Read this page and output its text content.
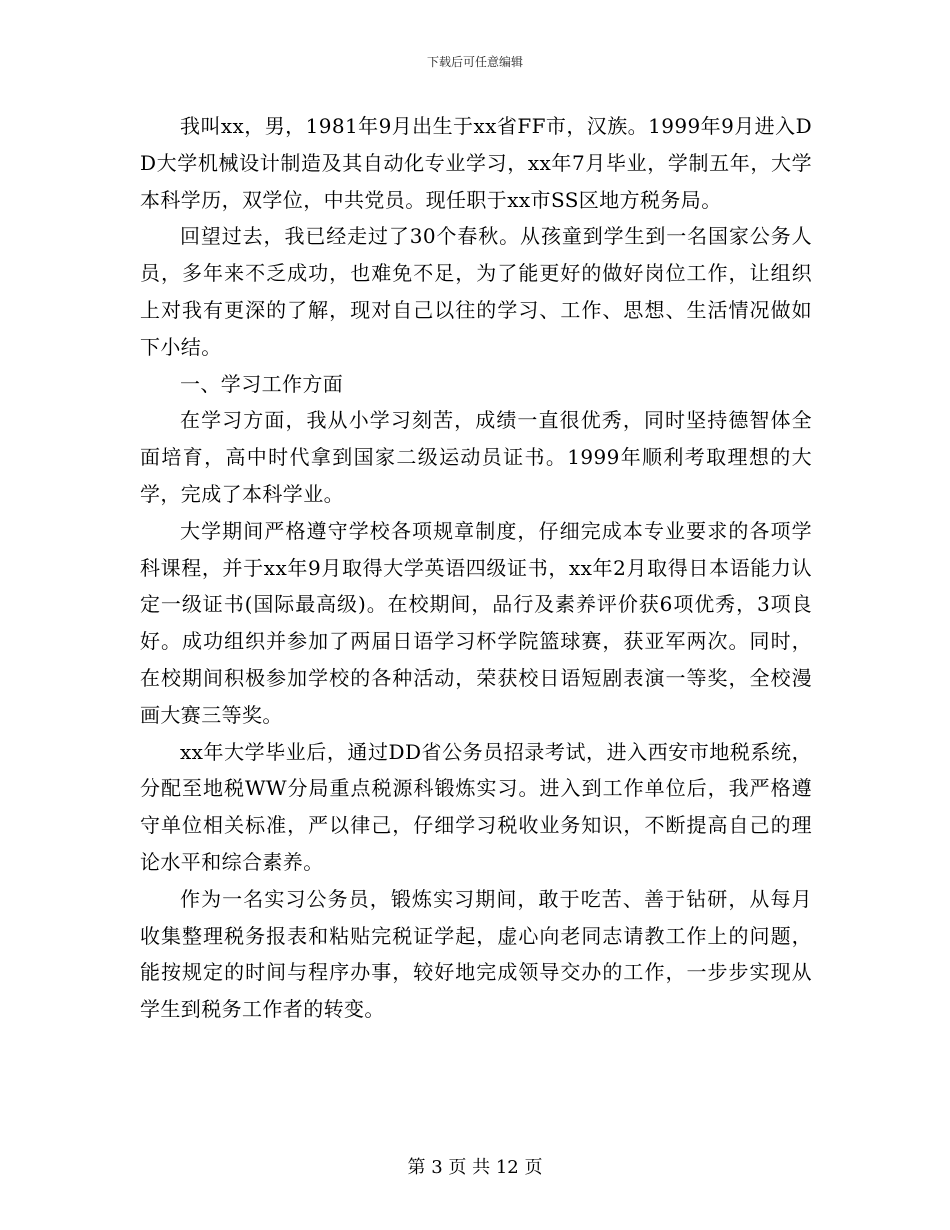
下载后可任意编辑

我叫xx，男，1981年9月出生于xx省FF市，汉族。1999年9月进入DD大学机械设计制造及其自动化专业学习，xx年7月毕业，学制五年，大学本科学历，双学位，中共党员。现任职于xx市SS区地方税务局。

回望过去，我已经走过了30个春秋。从孩童到学生到一名国家公务人员，多年来不乏成功，也难免不足，为了能更好的做好岗位工作，让组织上对我有更深的了解，现对自己以往的学习、工作、思想、生活情况做如下小结。

一、学习工作方面

在学习方面，我从小学习刻苦，成绩一直很优秀，同时坚持德智体全面培育，高中时代拿到国家二级运动员证书。1999年顺利考取理想的大学，完成了本科学业。

大学期间严格遵守学校各项规章制度，仔细完成本专业要求的各项学科课程，并于xx年9月取得大学英语四级证书，xx年2月取得日本语能力认定一级证书(国际最高级)。在校期间，品行及素养评价获6项优秀，3项良好。成功组织并参加了两届日语学习杯学院篮球赛，获亚军两次。同时，在校期间积极参加学校的各种活动，荣获校日语短剧表演一等奖，全校漫画大赛三等奖。

xx年大学毕业后，通过DD省公务员招录考试，进入西安市地税系统，分配至地税WW分局重点税源科锻炼实习。进入到工作单位后，我严格遵守单位相关标准，严以律己，仔细学习税收业务知识，不断提高自己的理论水平和综合素养。

作为一名实习公务员，锻炼实习期间，敢于吃苦、善于钻研，从每月收集整理税务报表和粘贴完税证学起，虚心向老同志请教工作上的问题，能按规定的时间与程序办事，较好地完成领导交办的工作，一步步实现从学生到税务工作者的转变。

第 3 页 共 12 页
